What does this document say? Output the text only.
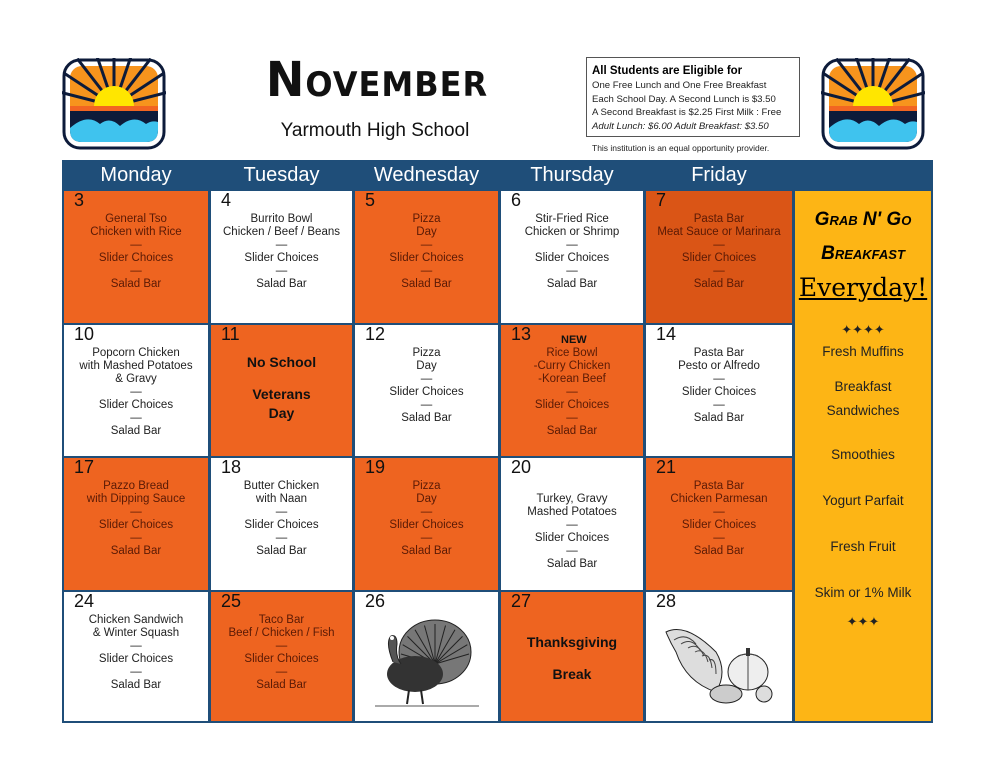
November
Yarmouth High School
All Students are Eligible for
One Free Lunch and One Free Breakfast
Each School Day. A Second Lunch is $3.50
A Second Breakfast is $2.25 First Milk : Free
Adult Lunch: $6.00 Adult Breakfast: $3.50
This institution is an equal opportunity provider.
Monday	Tuesday	Wednesday	Thursday	Friday
3
General Tso
Chicken with Rice
—
Slider Choices
—
Salad Bar
4
Burrito Bowl
Chicken / Beef / Beans
—
Slider Choices
—
Salad Bar
5
Pizza
Day
—
Slider Choices
—
Salad Bar
6
Stir-Fried Rice
Chicken or Shrimp
—
Slider Choices
—
Salad Bar
7
Pasta Bar
Meat Sauce or Marinara
—
Slider Choices
—
Salad Bar
10
Popcorn Chicken
with Mashed Potatoes
& Gravy
—
Slider Choices
—
Salad Bar
11
No School
Veterans
Day
12
Pizza
Day
—
Slider Choices
—
Salad Bar
13	NEW
Rice Bowl
-Curry Chicken
-Korean Beef
—
Slider Choices
—
Salad Bar
14
Pasta Bar
Pesto or Alfredo
—
Slider Choices
—
Salad Bar
17
Pazzo Bread
with Dipping Sauce
—
Slider Choices
—
Salad Bar
18
Butter Chicken
with Naan
—
Slider Choices
—
Salad Bar
19
Pizza
Day
—
Slider Choices
—
Salad Bar
20
Turkey, Gravy
Mashed Potatoes
—
Slider Choices
—
Salad Bar
21
Pasta Bar
Chicken Parmesan
—
Slider Choices
—
Salad Bar
24
Chicken Sandwich
& Winter Squash
—
Slider Choices
—
Salad Bar
25
Taco Bar
Beef / Chicken / Fish
—
Slider Choices
—
Salad Bar
26	27
Thanksgiving
Break
28
Grab N' Go
Breakfast
Everyday!
✦✦✦✦
Fresh Muffins
Breakfast
Sandwiches
Smoothies
Yogurt Parfait
Fresh Fruit
Skim or 1% Milk
✦✦✦
